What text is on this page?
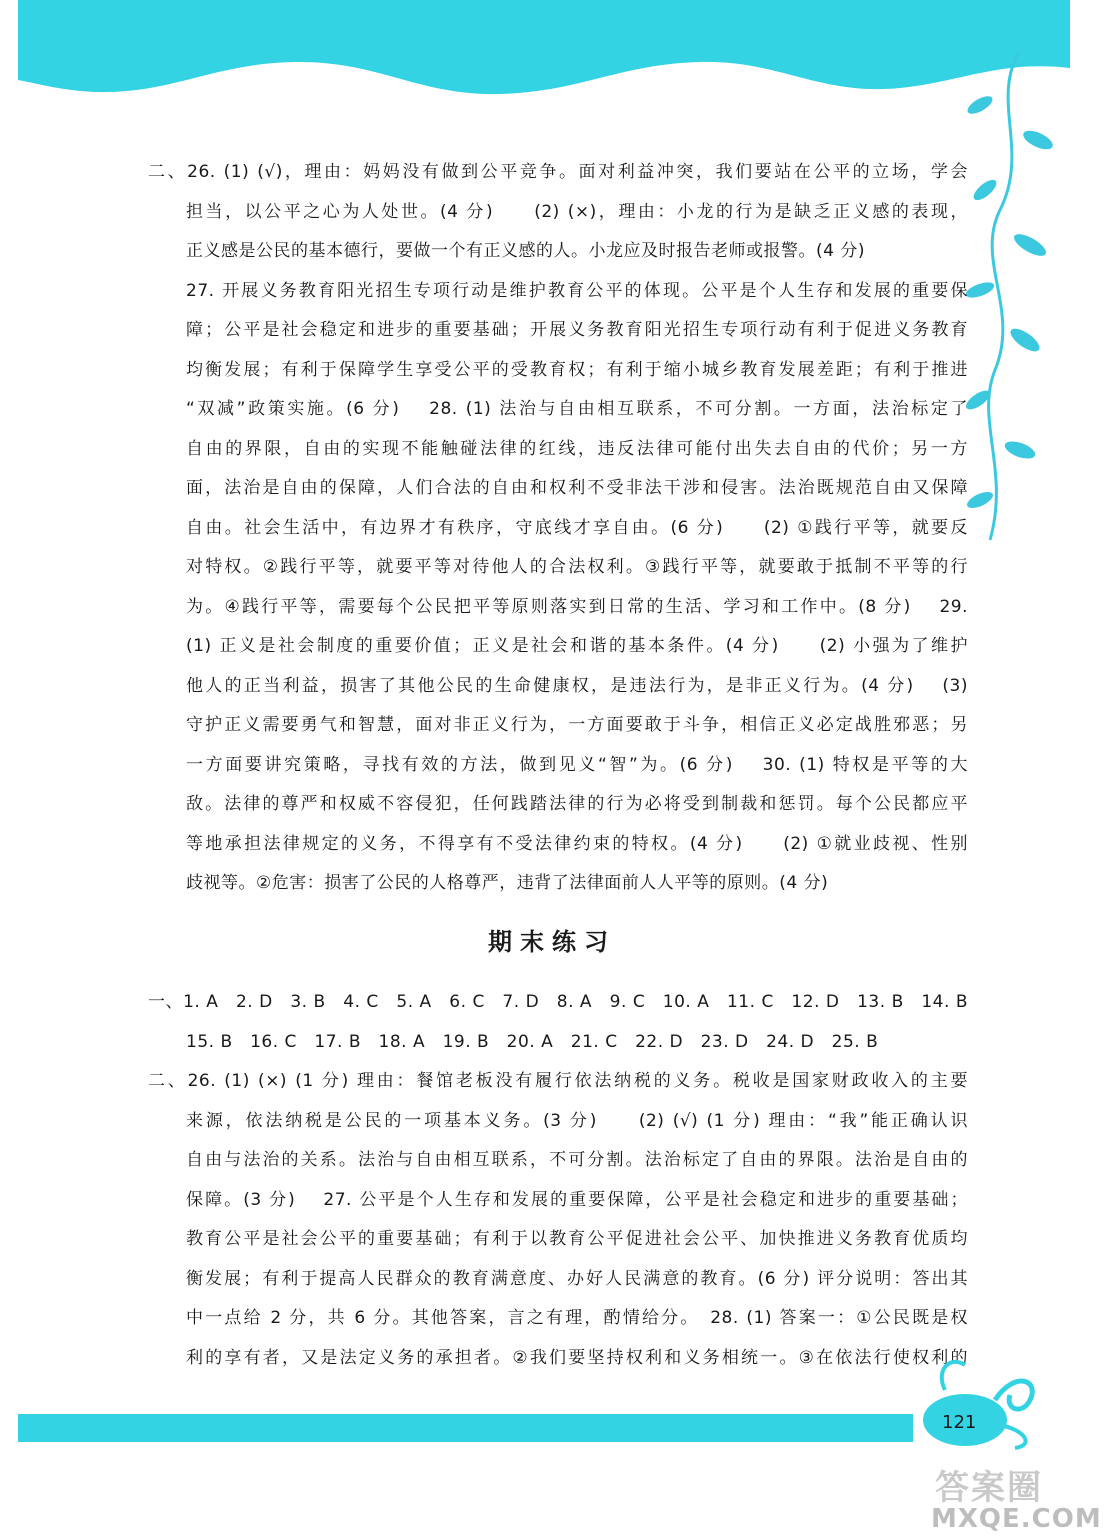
二、26. (1) (√)，理由：妈妈没有做到公平竞争。面对利益冲突，我们要站在公平的立场，学会

担当，以公平之心为人处世。(4 分)　　(2) (×)，理由：小龙的行为是缺乏正义感的表现，

正义感是公民的基本德行，要做一个有正义感的人。小龙应及时报告老师或报警。(4 分)

27. 开展义务教育阳光招生专项行动是维护教育公平的体现。公平是个人生存和发展的重要保

障；公平是社会稳定和进步的重要基础；开展义务教育阳光招生专项行动有利于促进义务教育

均衡发展；有利于保障学生享受公平的受教育权；有利于缩小城乡教育发展差距；有利于推进

“双减”政策实施。(6 分)　 28. (1) 法治与自由相互联系，不可分割。一方面，法治标定了

自由的界限，自由的实现不能触碰法律的红线，违反法律可能付出失去自由的代价；另一方

面，法治是自由的保障，人们合法的自由和权利不受非法干涉和侵害。法治既规范自由又保障

自由。社会生活中，有边界才有秩序，守底线才享自由。(6 分)　　(2) ①践行平等，就要反

对特权。②践行平等，就要平等对待他人的合法权利。③践行平等，就要敢于抵制不平等的行

为。④践行平等，需要每个公民把平等原则落实到日常的生活、学习和工作中。(8 分)　 29.

(1) 正义是社会制度的重要价值；正义是社会和谐的基本条件。(4 分)　　(2) 小强为了维护

他人的正当利益，损害了其他公民的生命健康权，是违法行为，是非正义行为。(4 分)　 (3)

守护正义需要勇气和智慧，面对非正义行为，一方面要敢于斗争，相信正义必定战胜邪恶；另

一方面要讲究策略，寻找有效的方法，做到见义“智”为。(6 分)　 30. (1) 特权是平等的大

敌。法律的尊严和权威不容侵犯，任何践踏法律的行为必将受到制裁和惩罚。每个公民都应平

等地承担法律规定的义务，不得享有不受法律约束的特权。(4 分)　　(2) ①就业歧视、性别

歧视等。②危害：损害了公民的人格尊严，违背了法律面前人人平等的原则。(4 分)

期末练习

一、1. A　2. D　3. B　4. C　5. A　6. C　7. D　8. A　9. C　10. A　11. C　12. D　13. B　14. B

15. B　16. C　17. B　18. A　19. B　20. A　21. C　22. D　23. D　24. D　25. B

二、26. (1) (×) (1 分) 理由：餐馆老板没有履行依法纳税的义务。税收是国家财政收入的主要

来源，依法纳税是公民的一项基本义务。(3 分)　　(2) (√) (1 分) 理由：“我”能正确认识

自由与法治的关系。法治与自由相互联系，不可分割。法治标定了自由的界限。法治是自由的

保障。(3 分)　 27. 公平是个人生存和发展的重要保障，公平是社会稳定和进步的重要基础；

教育公平是社会公平的重要基础；有利于以教育公平促进社会公平、加快推进义务教育优质均

衡发展；有利于提高人民群众的教育满意度、办好人民满意的教育。(6 分) 评分说明：答出其

中一点给 2 分，共 6 分。其他答案，言之有理，酌情给分。　28. (1) 答案一：①公民既是权

利的享有者，又是法定义务的承担者。②我们要坚持权利和义务相统一。③在依法行使权利的

121
答案圈
MXQE.COM
